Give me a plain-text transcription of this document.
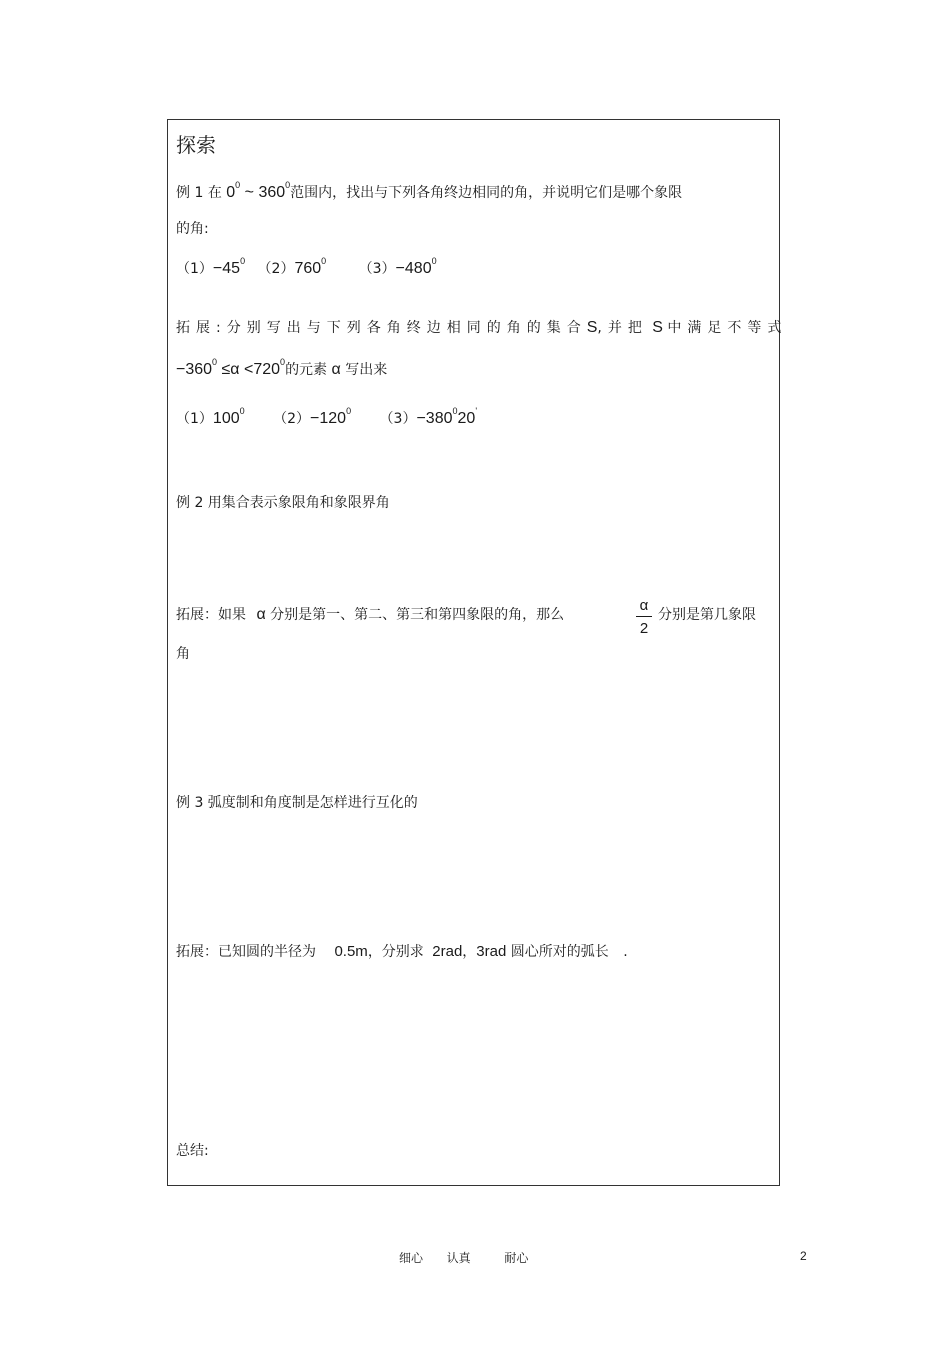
探索
例 1 在 $0^0$ ~ $360^0$范围内，找出与下列各角终边相同的角，并说明它们是哪个象限
的角:
$(1)-45^0$ $(2)760^0$ $(3)-480^0$
拓展:分别写出与下列各角终边相同的角的集合S,并把 S 中满足不等式
$-360^0 \le\alpha <720^0$的元素 α 写出来
$(1)100^0$ $(2)-120^0$ $(3)-380^020'$
例 2 用集合表示象限角和象限界角
拓展：如果 α 分别是第一、第二、第三和第四象限的角，那么
α
2
分别是第几象限
角
例 3 弧度制和角度制是怎样进行互化的
拓展：已知圆的半径为 0.5m，分别求 2rad，3rad 圆心所对的弧长 .
总结:
细心 认真	耐心	2
